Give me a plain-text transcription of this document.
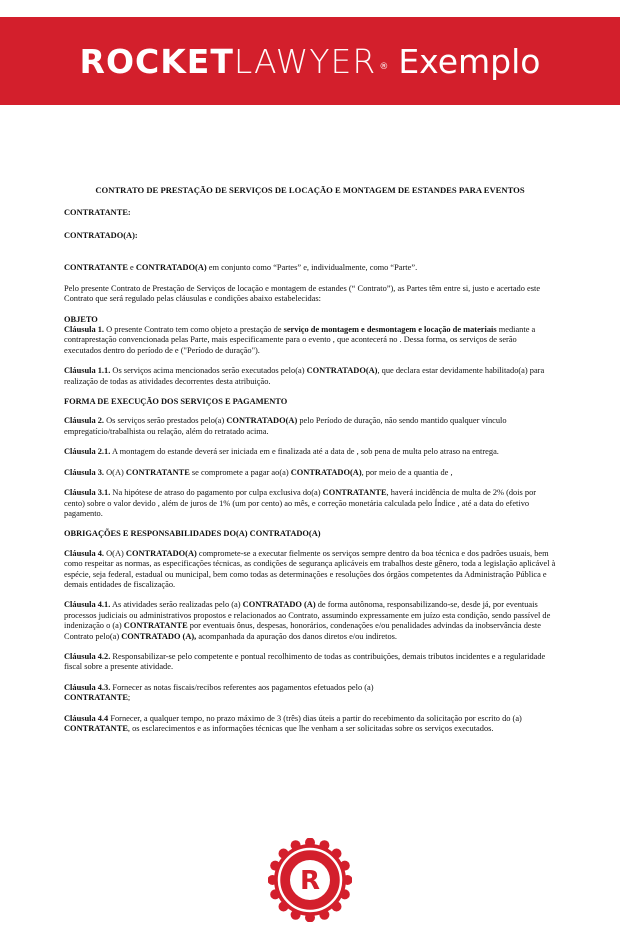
ROCKET LAWYER ® Exemplo
CONTRATO DE PRESTAÇÃO DE SERVIÇOS DE LOCAÇÃO E MONTAGEM DE ESTANDES PARA EVENTOS
CONTRATANTE:
CONTRATADO(A):

CONTRATANTE e CONTRATADO(A) em conjunto como “Partes” e, individualmente, como “Parte”.

Pelo presente Contrato de Prestação de Serviços de locação e montagem de estandes (“ Contrato”), as Partes têm entre si, justo e acertado este Contrato que será regulado pelas cláusulas e condições abaixo estabelecidas:

OBJETO

Cláusula 1. O presente Contrato tem como objeto a prestação de serviço de montagem e desmontagem e locação de materiais mediante a contraprestação convencionada pelas Parte, mais especificamente para o evento , que acontecerá no . Dessa forma, os serviços de serão executados dentro do período de e ("Período de duração").

Cláusula 1.1. Os serviços acima mencionados serão executados pelo(a) CONTRATADO(A), que declara estar devidamente habilitado(a) para realização de todas as atividades decorrentes desta atribuição.

FORMA DE EXECUÇÃO DOS SERVIÇOS E PAGAMENTO

Cláusula 2. Os serviços serão prestados pelo(a) CONTRATADO(A) pelo Período de duração, não sendo mantido qualquer vínculo empregatício/trabalhista ou relação, além do retratado acima.

Cláusula 2.1. A montagem do estande deverá ser iniciada em e finalizada até a data de , sob pena de multa pelo atraso na entrega.

Cláusula 3. O(A) CONTRATANTE se compromete a pagar ao(a) CONTRATADO(A), por meio de a quantia de ,

Cláusula 3.1. Na hipótese de atraso do pagamento por culpa exclusiva do(a) CONTRATANTE, haverá incidência de multa de 2% (dois por cento) sobre o valor devido , além de juros de 1% (um por cento) ao mês, e correção monetária calculada pelo Índice , até a data do efetivo pagamento.

OBRIGAÇÕES E RESPONSABILIDADES DO(A) CONTRATADO(A)

Cláusula 4. O(A) CONTRATADO(A) compromete-se a executar fielmente os serviços sempre dentro da boa técnica e dos padrões usuais, bem como respeitar as normas, as especificações técnicas, as condições de segurança aplicáveis em trabalhos deste gênero, toda a legislação aplicável à espécie, seja federal, estadual ou municipal, bem como todas as determinações e resoluções dos órgãos competentes da Administração Pública e demais entidades de fiscalização.

Cláusula 4.1. As atividades serão realizadas pelo (a) CONTRATADO (A) de forma autônoma, responsabilizando-se, desde já, por eventuais processos judiciais ou administrativos propostos e relacionados ao Contrato, assumindo expressamente em juízo esta condição, sendo passível de indenização o (a) CONTRATANTE por eventuais ônus, despesas, honorários, condenações e/ou penalidades advindas da inobservância deste Contrato pelo(a) CONTRATADO (A), acompanhada da apuração dos danos diretos e/ou indiretos.

Cláusula 4.2. Responsabilizar-se pelo competente e pontual recolhimento de todas as contribuições, demais tributos incidentes e a regularidade fiscal sobre a presente atividade.

Cláusula 4.3. Fornecer as notas fiscais/recibos referentes aos pagamentos efetuados pelo (a)
CONTRATANTE;

Cláusula 4.4 Fornecer, a qualquer tempo, no prazo máximo de 3 (três) dias úteis a partir do recebimento da solicitação por escrito do (a) CONTRATANTE, os esclarecimentos e as informações técnicas que lhe venham a ser solicitadas sobre os serviços executados.

R
